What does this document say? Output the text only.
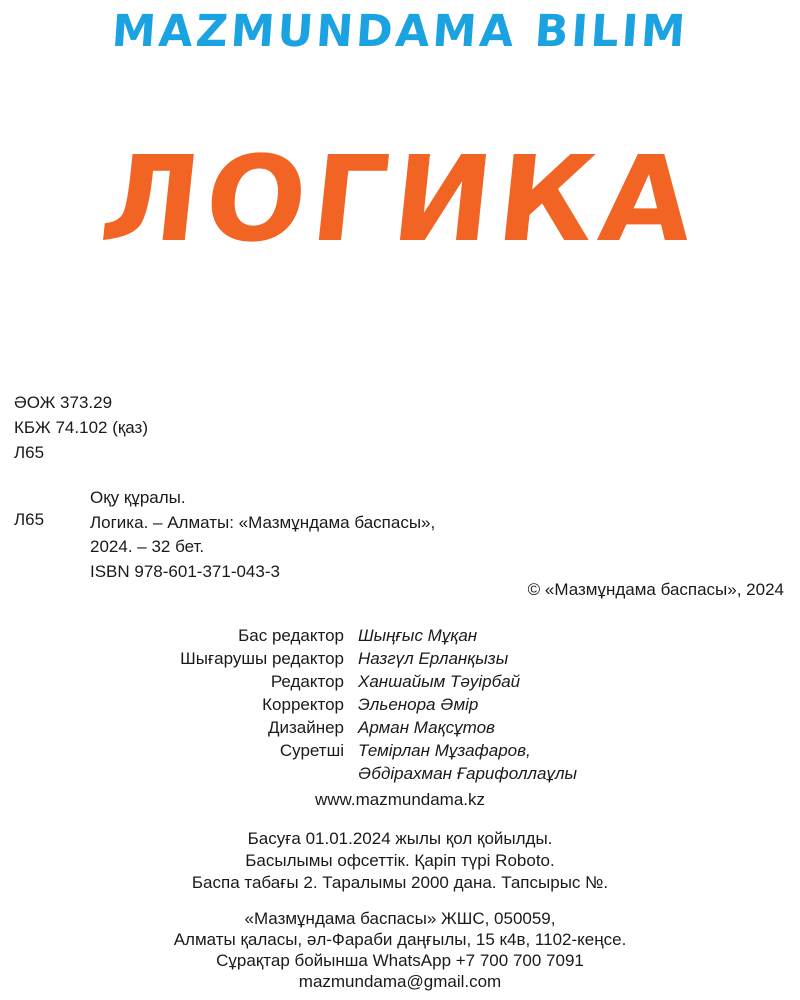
MAZMUNDAMA BILIM
ЛОГИКА
ӘОЖ 373.29
КБЖ 74.102 (қаз)
Л65
Л65
Оқу құралы.
Логика. – Алматы: «Мазмұндама баспасы»,
2024. – 32 бет.
ISBN 978-601-371-043-3
© «Мазмұндама баспасы», 2024
Бас редактор Шыңғыс Мұқан
Шығарушы редактор Назгүл Ерланқызы
Редактор Ханшайым Тәуірбай
Корректор Эльенора Әмір
Дизайнер Арман Мақсұтов
Суретші Темірлан Мұзафаров,
Әбдірахман Ғарифоллаұлы
www.mazmundama.kz
Басуға 01.01.2024 жылы қол қойылды.
Басылымы офсеттік. Қаріп түрі Roboto.
Баспа табағы 2. Таралымы 2000 дана. Тапсырыс №.
«Мазмұндама баспасы» ЖШС, 050059,
Алматы қаласы, әл-Фараби даңғылы, 15 к4в, 1102-кеңсе.
Сұрақтар бойынша WhatsApp +7 700 700 7091
mazmundama@gmail.com
